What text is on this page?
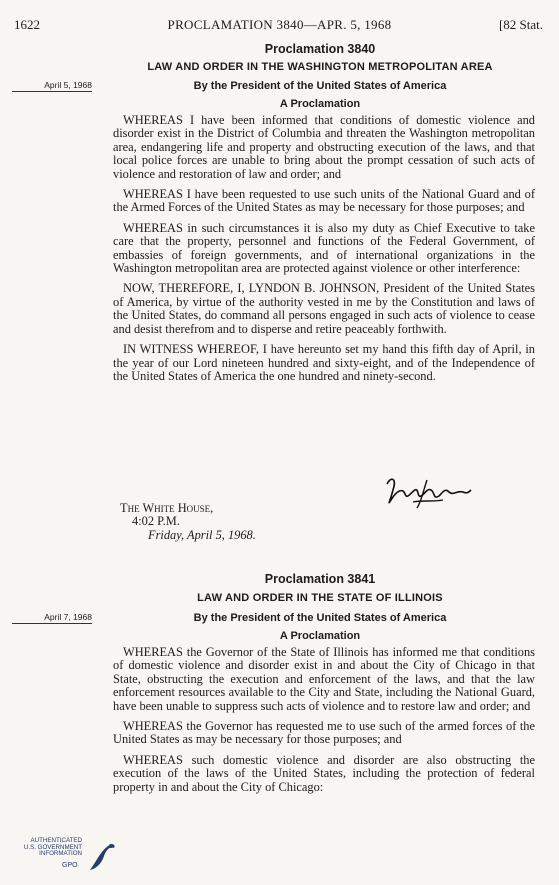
1622	PROCLAMATION 3840—APR. 5, 1968	[82 Stat.
April 5, 1968
Proclamation 3840
LAW AND ORDER IN THE WASHINGTON METROPOLITAN AREA
By the President of the United States of America
A Proclamation

WHEREAS I have been informed that conditions of domestic violence and disorder exist in the District of Columbia and threaten the Washington metropolitan area, endangering life and property and obstructing execution of the laws, and that local police forces are unable to bring about the prompt cessation of such acts of violence and restoration of law and order; and

WHEREAS I have been requested to use such units of the National Guard and of the Armed Forces of the United States as may be necessary for those purposes; and

WHEREAS in such circumstances it is also my duty as Chief Executive to take care that the property, personnel and functions of the Federal Government, of embassies of foreign governments, and of international organizations in the Washington metropolitan area are protected against violence or other interference:

NOW, THEREFORE, I, LYNDON B. JOHNSON, President of the United States of America, by virtue of the authority vested in me by the Constitution and laws of the United States, do command all persons engaged in such acts of violence to cease and desist therefrom and to disperse and retire peaceably forthwith.

IN WITNESS WHEREOF, I have hereunto set my hand this fifth day of April, in the year of our Lord nineteen hundred and sixty-eight, and of the Independence of the United States of America the one hundred and ninety-second.

The White House,
4:02 P.M.
Friday, April 5, 1968.
April 7, 1968
Proclamation 3841
LAW AND ORDER IN THE STATE OF ILLINOIS
By the President of the United States of America
A Proclamation

WHEREAS the Governor of the State of Illinois has informed me that conditions of domestic violence and disorder exist in and about the City of Chicago in that State, obstructing the execution and enforcement of the laws, and that the law enforcement resources available to the City and State, including the National Guard, have been unable to suppress such acts of violence and to restore law and order; and

WHEREAS the Governor has requested me to use such of the armed forces of the United States as may be necessary for those purposes; and

WHEREAS such domestic violence and disorder are also obstructing the execution of the laws of the United States, including the protection of federal property in and about the City of Chicago:

AUTHENTICATED
U.S. GOVERNMENT
INFORMATION
GPO
